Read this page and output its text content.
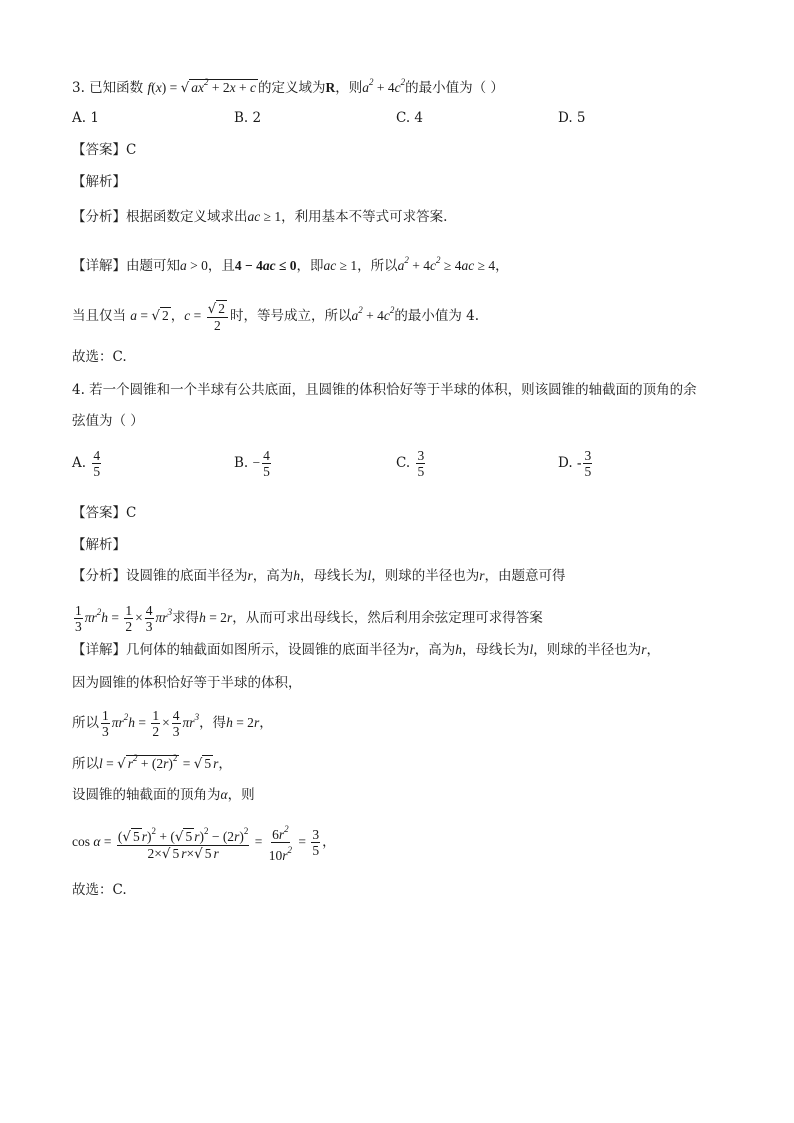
3. 已知函数 f(x) = √ $ax^2 + 2x + c$ 的定义域为R，则$a^2 + 4c^2$的最小值为（ ）
A. 1	B. 2	C. 4	D. 5
【答案】C
【解析】
【分析】根据函数定义域求出ac ≥ 1，利用基本不等式可求答案.
【详解】由题可知a > 0，且4 − 4ac ≤ 0，即ac ≥ 1，所以$a^2 + 4c^2 \ge 4ac \ge 4$，
当且仅当 a = √ 2 ，$c = \frac{√ 2}{2}$ 时，等号成立，所以$a^2 + 4c^2$的最小值为 4.
故选：C.
4. 若一个圆锥和一个半球有公共底面，且圆锥的体积恰好等于半球的体积，则该圆锥的轴截面的顶角的余
弦值为（ ）
A. $\frac{4}{5}$	B. − $\frac{4}{5}$	C. $\frac{3}{5}$	D. - $\frac{3}{5}$
【答案】C
【解析】
【分析】设圆锥的底面半径为r，高为h，母线长为l，则球的半径也为r，由题意可得
$\frac{1}{3} \pi r^2h = \frac{1}{2} \times \frac{4}{3} \pi r^3$求得h = 2r，从而可求出母线长，然后利用余弦定理可求得答案
【详解】几何体的轴截面如图所示，设圆锥的底面半径为r，高为h，母线长为l，则球的半径也为r，
因为圆锥的体积恰好等于半球的体积，
所以 $\frac{1}{3} \pi r^2h = \frac{1}{2} \times \frac{4}{3} \pi r^3$，得h = 2r，
所以l = √ $r^2 + (2r)^2$ = √ 5 r，
设圆锥的轴截面的顶角为α，则
$\cos \alpha = \frac{(√ 5 r)^2 + (√ 5 r)^2 - (2r)^2}{2\times√ 5 r\times√ 5 r} = \frac{6r^2}{10r^2} = \frac{3}{5}$ ，
故选：C.
